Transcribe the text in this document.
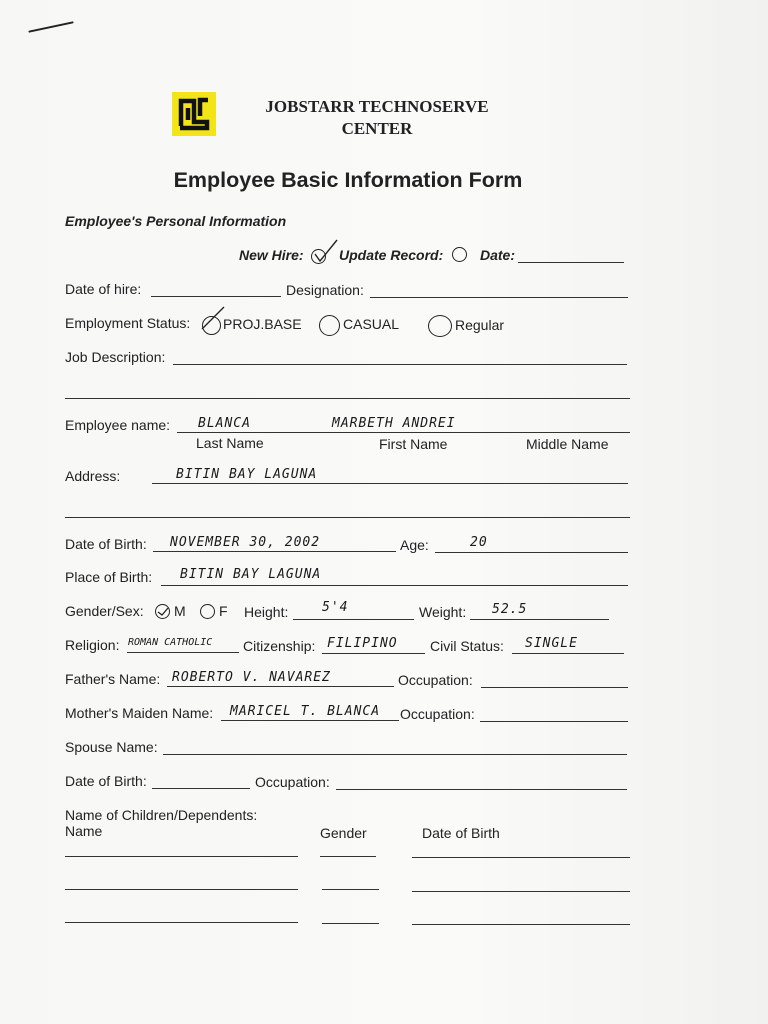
JOBSTARR TECHNOSERVE
CENTER
Employee Basic Information Form
Employee's Personal Information
New Hire:	Update Record:	Date:
Date of hire:	Designation:
Employment Status: PROJ.BASE	CASUAL	Regular
Job Description:
Employee name: BLANCA	MARBETH ANDREI
Last Name	First Name	Middle Name
Address:	BITIN BAY LAGUNA
Date of Birth: NOVEMBER 30, 2002	Age:	20
Place of Birth: BITIN BAY LAGUNA
Gender/Sex: M F Height:	5'4	Weight: 52.5
Religion: ROMAN CATHOLIC Citizenship: FILIPINO Civil Status: SINGLE
Father's Name: ROBERTO V. NAVAREZ	Occupation:
Mother's Maiden Name: MARICEL T. BLANCA Occupation:
Spouse Name:
Date of Birth:	Occupation:
Name of Children/Dependents:
Name	Gender	Date of Birth
